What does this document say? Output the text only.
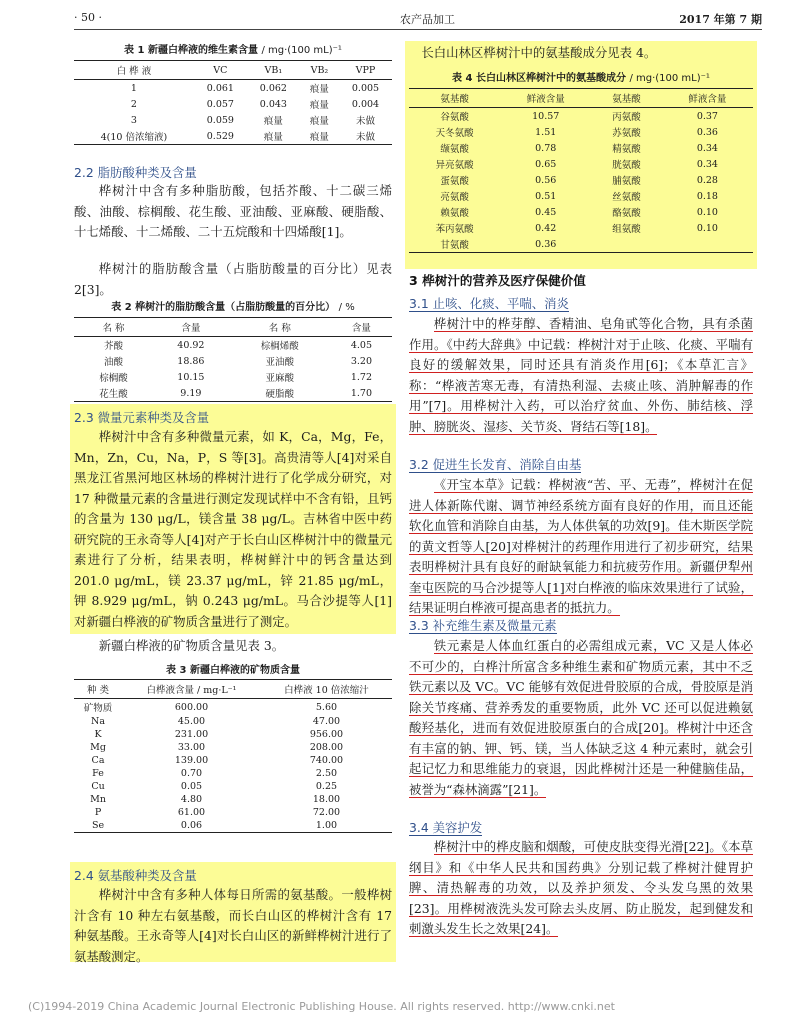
· 50 ·	农产品加工	2017 年第 7 期
表 1 新疆白桦液的维生素含量 / mg·(100 mL)⁻¹
白 桦 液	VC	VB₁	VB₂	VPP
1	0.061	0.062	痕量	0.005
2	0.057	0.043	痕量	0.004
3	0.059	痕量	痕量	未做
4(10 倍浓缩液)	0.529	痕量	痕量	未做
2.2 脂肪酸种类及含量
桦树汁中含有多种脂肪酸，包括芥酸、十二碳三烯酸、油酸、棕榈酸、花生酸、亚油酸、亚麻酸、硬脂酸、十七烯酸、十二烯酸、二十五烷酸和十四烯酸[1]。
桦树汁的脂肪酸含量（占脂肪酸量的百分比）见表 2[3]。
表 2 桦树汁的脂肪酸含量（占脂肪酸量的百分比） / %
名 称	含量	名 称	含量
芥酸	40.92	棕榈烯酸	4.05
油酸	18.86	亚油酸	3.20
棕榈酸	10.15	亚麻酸	1.72
花生酸	9.19	硬脂酸	1.70
2.3 微量元素种类及含量
桦树汁中含有多种微量元素，如 K，Ca，Mg，Fe，Mn，Zn，Cu，Na，P，S 等[3]。高贵清等人[4]对采自黑龙江省黑河地区林场的桦树汁进行了化学成分研究，对 17 种微量元素的含量进行测定发现试样中不含有铅，且钙的含量为 130 μg/L，镁含量 38 μg/L。吉林省中医中药研究院的王永奇等人[4]对产于长白山区桦树汁中的微量元素进行了分析，结果表明，桦树鲜汁中的钙含量达到 201.0 μg/mL，镁 23.37 μg/mL，锌 21.85 μg/mL，钾 8.929 μg/mL，钠 0.243 μg/mL。马合沙提等人[1]对新疆白桦液的矿物质含量进行了测定。
新疆白桦液的矿物质含量见表 3。
表 3 新疆白桦液的矿物质含量
种 类	白桦液含量 / mg·L⁻¹	白桦液 10 倍浓缩汁
矿物质	600.00	5.60
Na	45.00	47.00
K	231.00	956.00
Mg	33.00	208.00
Ca	139.00	740.00
Fe	0.70	2.50
Cu	0.05	0.25
Mn	4.80	18.00
P	61.00	72.00
Se	0.06	1.00
2.4 氨基酸种类及含量
桦树汁中含有多种人体每日所需的氨基酸。一般桦树汁含有 10 种左右氨基酸，而长白山区的桦树汁含有 17 种氨基酸。王永奇等人[4]对长白山区的新鲜桦树汁进行了氨基酸测定。
长白山林区桦树汁中的氨基酸成分见表 4。
表 4 长白山林区桦树汁中的氨基酸成分 / mg·(100 mL)⁻¹
氨基酸	鲜液含量	氨基酸	鲜液含量
谷氨酸	10.57	丙氨酸	0.37
天冬氨酸	1.51	苏氨酸	0.36
缬氨酸	0.78	精氨酸	0.34
异亮氨酸	0.65	胱氨酸	0.34
蛋氨酸	0.56	脯氨酸	0.28
亮氨酸	0.51	丝氨酸	0.18
赖氨酸	0.45	酪氨酸	0.10
苯丙氨酸	0.42	组氨酸	0.10
甘氨酸	0.36		
3 桦树汁的营养及医疗保健价值
3.1 止咳、化痰、平喘、消炎
桦树汁中的桦芽醇、香精油、皂角甙等化合物，具有杀菌作用。《中药大辞典》中记载：桦树汁对于止咳、化痰、平喘有良好的缓解效果，同时还具有消炎作用[6]；《本草汇言》称：“桦液苦寒无毒，有清热利湿、去痰止咳、消肿解毒的作用”[7]。用桦树汁入药，可以治疗贫血、外伤、肺结核、浮肿、膀胱炎、湿疹、关节炎、肾结石等[18]。
3.2 促进生长发育、消除自由基
《开宝本草》记载：桦树液“苦、平、无毒”，桦树汁在促进人体新陈代谢、调节神经系统方面有良好的作用，而且还能软化血管和消除自由基，为人体供氧的功效[9]。佳木斯医学院的黄文哲等人[20]对桦树汁的药理作用进行了初步研究，结果表明桦树汁具有良好的耐缺氧能力和抗疲劳作用。新疆伊犁州奎屯医院的马合沙提等人[1]对白桦液的临床效果进行了试验，结果证明白桦液可提高患者的抵抗力。
3.3 补充维生素及微量元素
铁元素是人体血红蛋白的必需组成元素，VC 又是人体必不可少的，白桦汁所富含多种维生素和矿物质元素，其中不乏铁元素以及 VC。VC 能够有效促进骨胶原的合成，骨胶原是消除关节疼痛、营养秀发的重要物质，此外 VC 还可以促进赖氨酸羟基化，进而有效促进胶原蛋白的合成[20]。桦树汁中还含有丰富的钠、钾、钙、镁，当人体缺乏这 4 种元素时，就会引起记忆力和思维能力的衰退，因此桦树汁还是一种健脑佳品，被誉为“森林滴露”[21]。
3.4 美容护发
桦树汁中的桦皮脑和烟酸，可使皮肤变得光滑[22]。《本草纲目》和《中华人民共和国药典》分别记载了桦树汁健胃护脾、清热解毒的功效，以及养护须发、令头发乌黑的效果[23]。用桦树液洗头发可除去头皮屑、防止脱发，起到健发和刺激头发生长之效果[24]。
(C)1994-2019 China Academic Journal Electronic Publishing House. All rights reserved. http://www.cnki.net
